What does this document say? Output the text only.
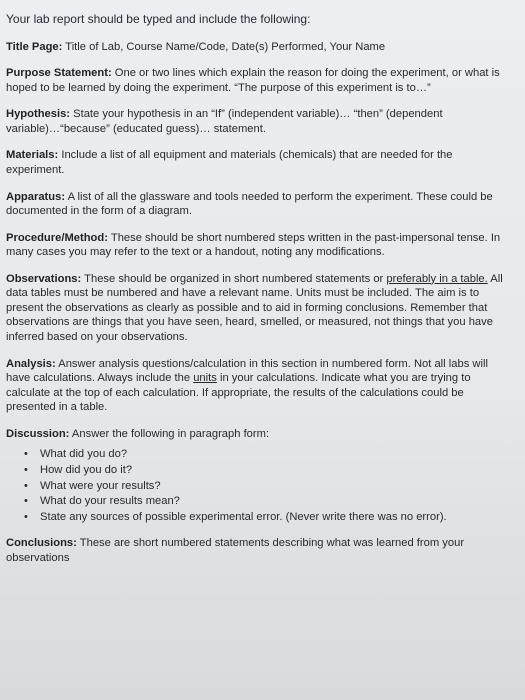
Your lab report should be typed and include the following:

Title Page: Title of Lab, Course Name/Code, Date(s) Performed, Your Name

Purpose Statement: One or two lines which explain the reason for doing the experiment, or what is hoped to be learned by doing the experiment. “The purpose of this experiment is to…”

Hypothesis: State your hypothesis in an “If” (independent variable)… “then” (dependent variable)…“because” (educated guess)… statement.

Materials: Include a list of all equipment and materials (chemicals) that are needed for the experiment.

Apparatus: A list of all the glassware and tools needed to perform the experiment. These could be documented in the form of a diagram.

Procedure/Method: These should be short numbered steps written in the past-impersonal tense. In many cases you may refer to the text or a handout, noting any modifications.

Observations: These should be organized in short numbered statements or preferably in a table. All data tables must be numbered and have a relevant name. Units must be included. The aim is to present the observations as clearly as possible and to aid in forming conclusions. Remember that observations are things that you have seen, heard, smelled, or measured, not things that you have inferred based on your observations.

Analysis: Answer analysis questions/calculation in this section in numbered form. Not all labs will have calculations. Always include the units in your calculations. Indicate what you are trying to calculate at the top of each calculation. If appropriate, the results of the calculations could be presented in a table.

Discussion: Answer the following in paragraph form:
• What did you do?
• How did you do it?
• What were your results?
• What do your results mean?
• State any sources of possible experimental error. (Never write there was no error).

Conclusions: These are short numbered statements describing what was learned from your observations
